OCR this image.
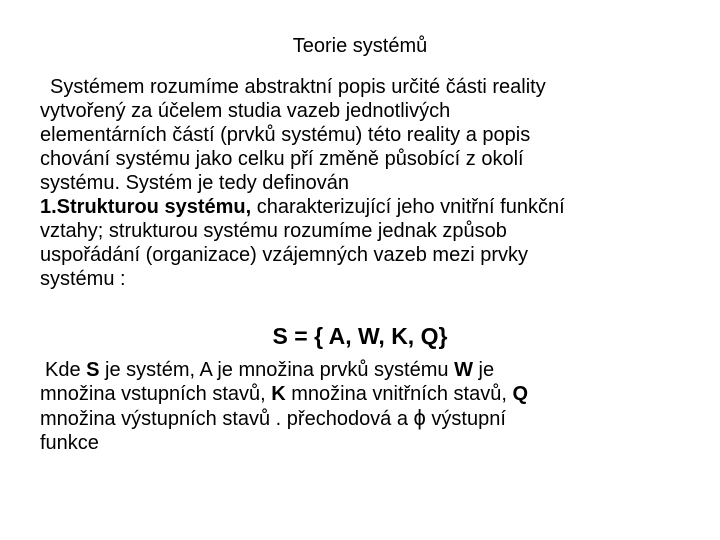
Teorie systémů
Systémem rozumíme abstraktní popis určité části reality
vytvořený za účelem studia vazeb jednotlivých
elementárních částí (prvků systému) této reality a popis
chování systému jako celku pří změně působící z okolí
systému. Systém je tedy definován
1.Strukturou systému, charakterizující jeho vnitřní funkční
vztahy; strukturou systému rozumíme jednak způsob
uspořádání (organizace) vzájemných vazeb mezi prvky
systému :
S = { A, W, K, Q}
Kde S je systém, A je množina prvků systému W je
množina vstupních stavů, K množina vnitřních stavů, Q
množina výstupních stavů . přechodová a ϕ výstupní
funkce
